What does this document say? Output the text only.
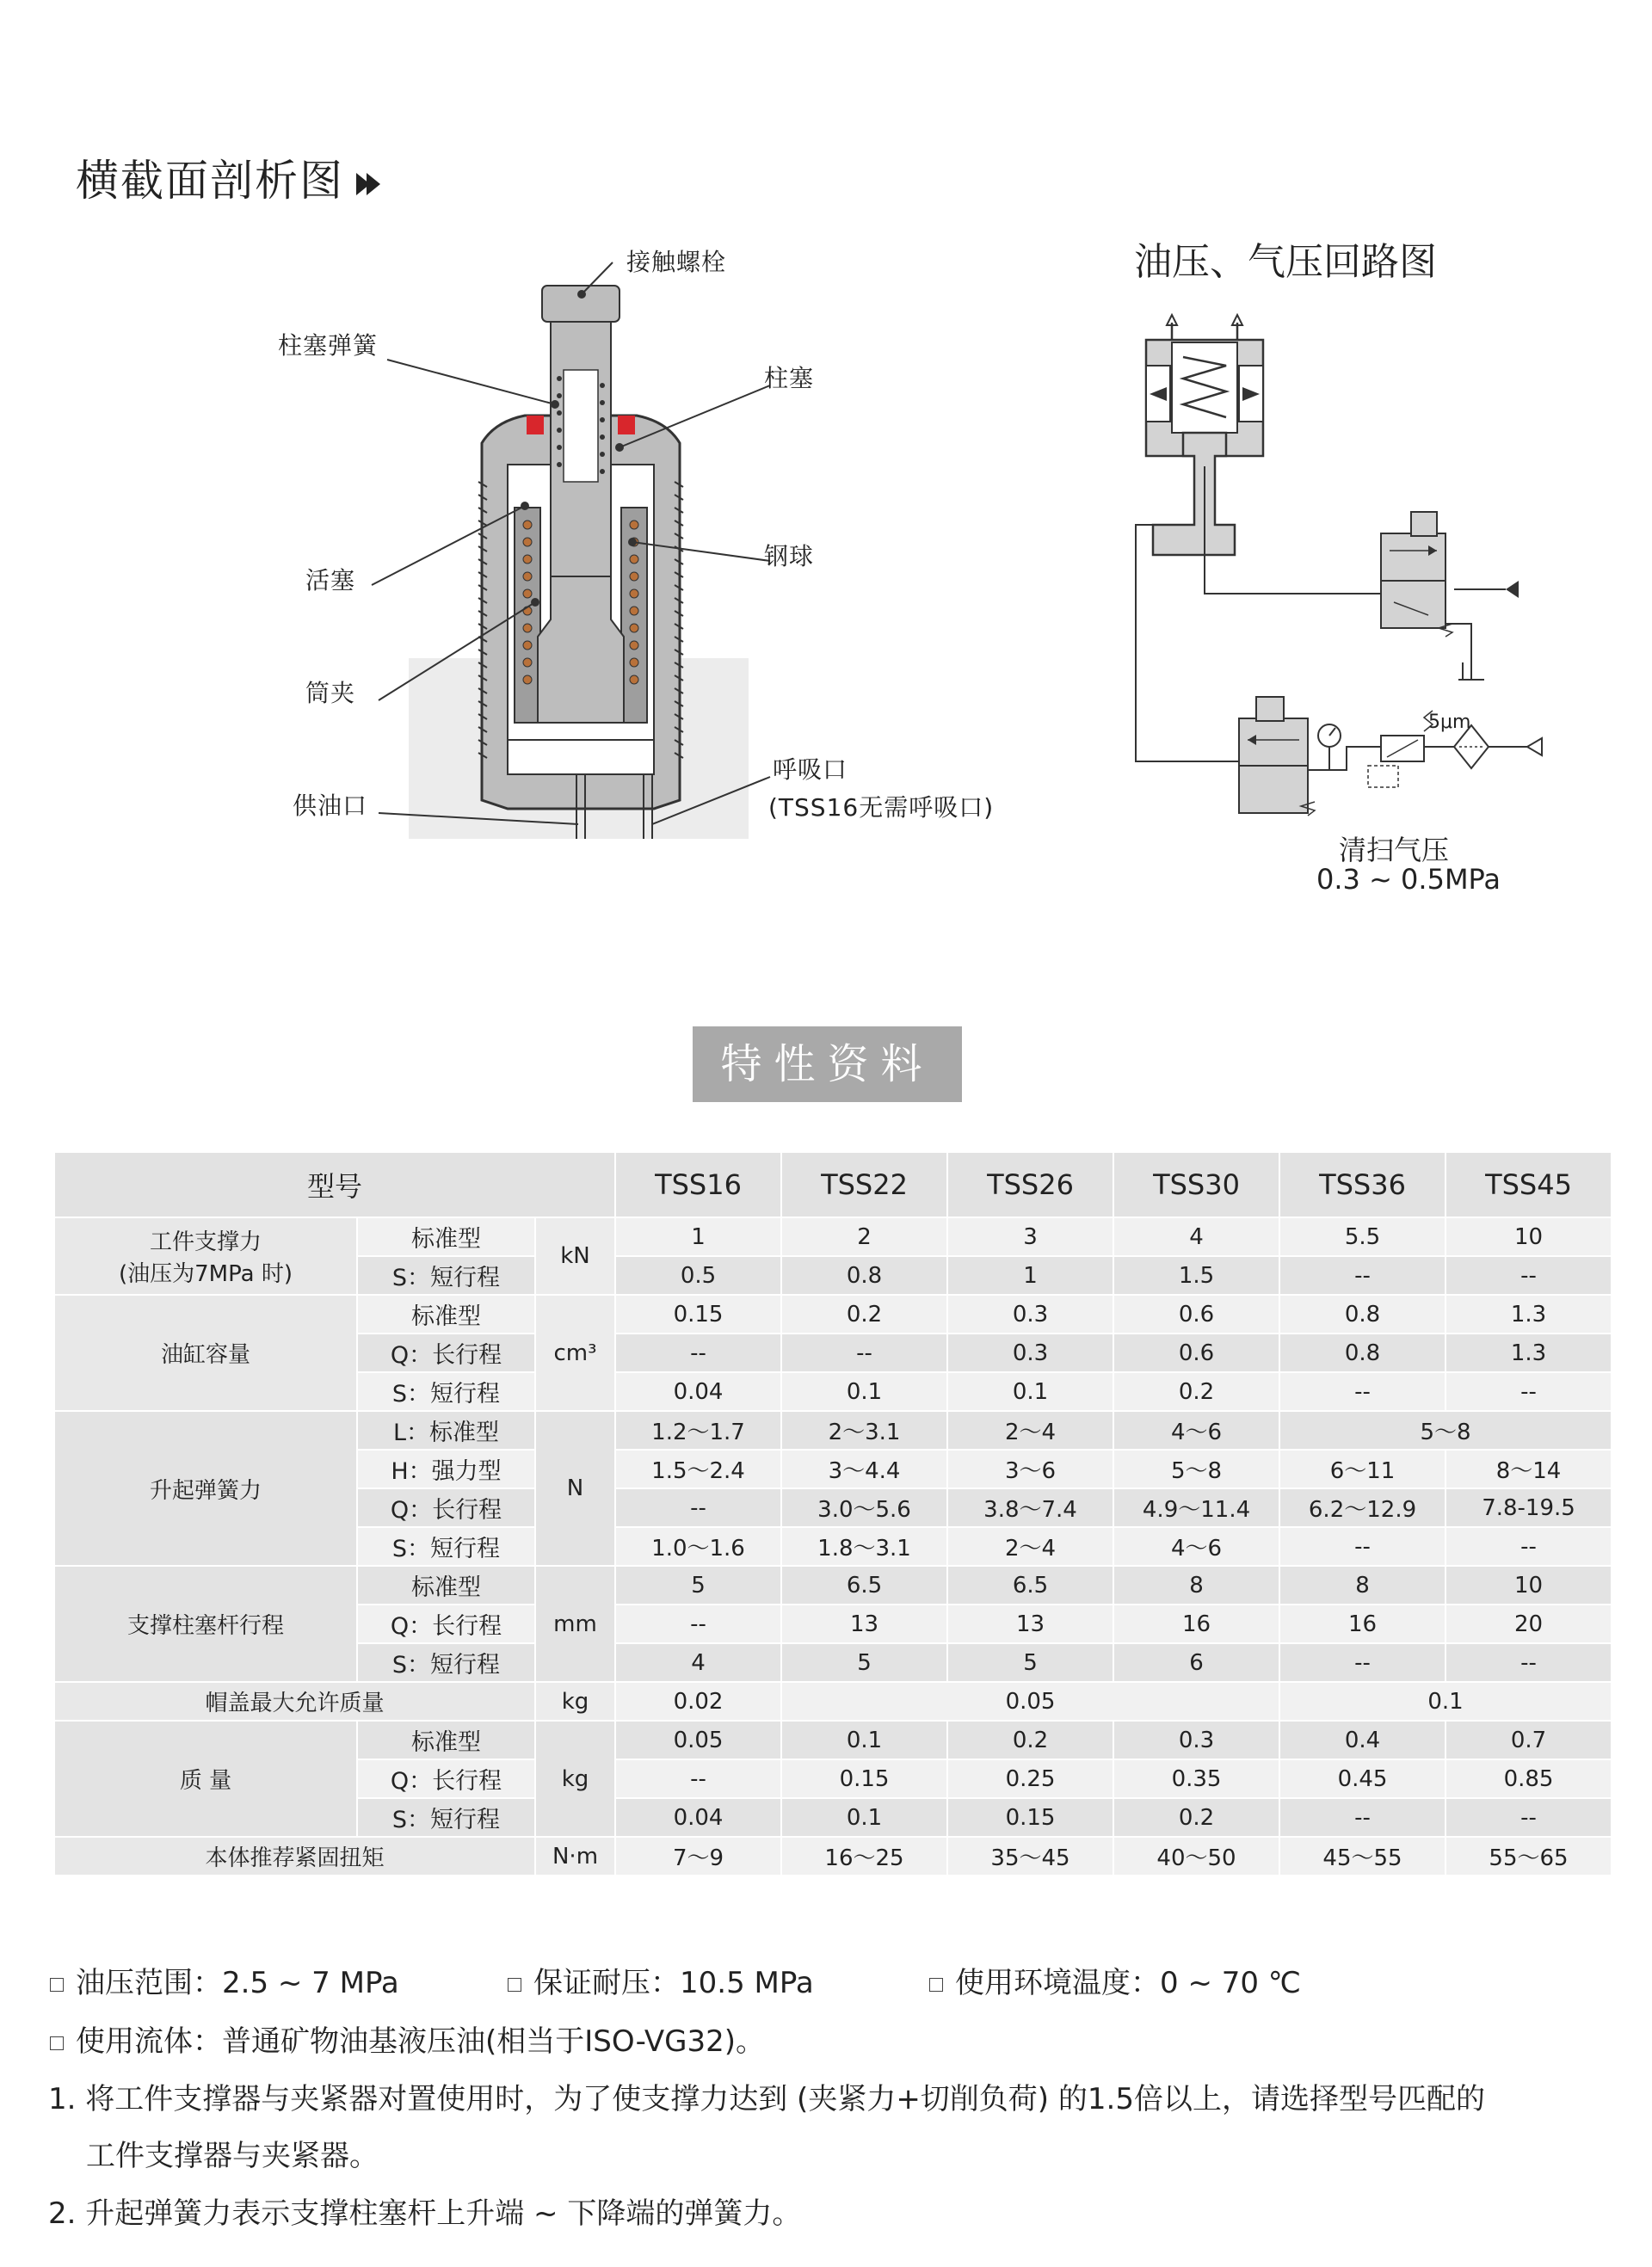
横截面剖析图
接触螺栓
柱塞弹簧
柱塞
钢球
活塞
筒夹
供油口
呼吸口
(TSS16无需呼吸口)
油压、气压回路图
5μm
清扫气压
0.3 ~ 0.5MPa
特性资料
型号			TSS16	TSS22	TSS26	TSS30	TSS36	TSS45

工件支撑力
(油压为7MPa 时)	标准型	kN	1	2	3	4	5.5	10
	S：短行程		0.5	0.8	1	1.5	--	--
油缸容量	标准型	cm³	0.15	0.2	0.3	0.6	0.8	1.3
	Q：长行程		--	--	0.3	0.6	0.8	1.3
	S：短行程		0.04	0.1	0.1	0.2	--	--
升起弹簧力	L：标准型	N	1.2～1.7	2～3.1	2～4	4～6	5～8	
	H：强力型		1.5～2.4	3～4.4	3～6	5～8	6～11	8～14
	Q：长行程		--	3.0～5.6	3.8～7.4	4.9～11.4	6.2～12.9	7.8-19.5
	S：短行程		1.0～1.6	1.8～3.1	2～4	4～6	--	--
支撑柱塞杆行程	标准型	mm	5	6.5	6.5	8	8	10
	Q：长行程		--	13	13	16	16	20
	S：短行程		4	5	5	6	--	--
帽盖最大允许质量		kg	0.02	0.05			0.1	
质 量	标准型	kg	0.05	0.1	0.2	0.3	0.4	0.7
	Q：长行程		--	0.15	0.25	0.35	0.45	0.85
	S：短行程		0.04	0.1	0.15	0.2	--	--
本体推荐紧固扭矩		N·m	7～9	16～25	35～45	40～50	45～55	55～65
油压范围：2.5 ~ 7 MPa	保证耐压：10.5 MPa	使用环境温度：0 ~ 70 ℃
使用流体：普通矿物油基液压油(相当于ISO-VG32)。
1. 将工件支撑器与夹紧器对置使用时，为了使支撑力达到 (夹紧力+切削负荷) 的1.5倍以上，请选择型号匹配的
工件支撑器与夹紧器。
2. 升起弹簧力表示支撑柱塞杆上升端 ~ 下降端的弹簧力。
